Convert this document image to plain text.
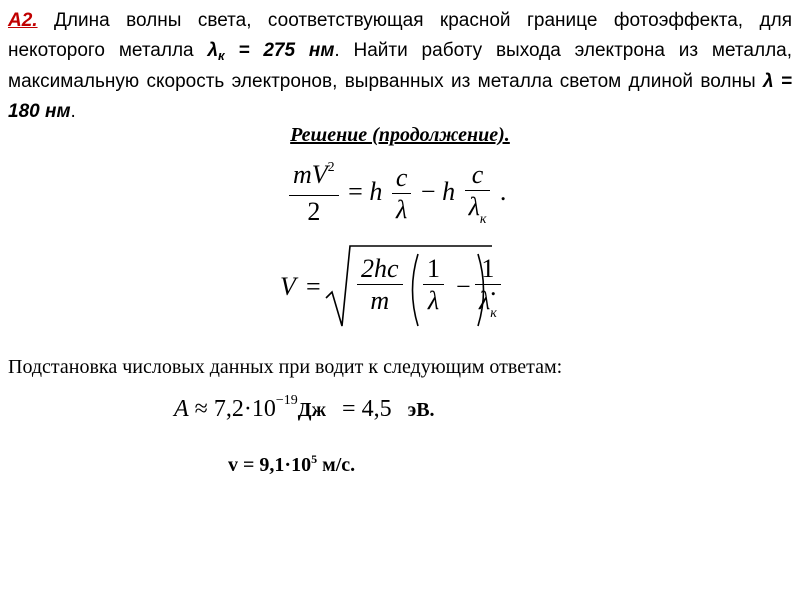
А2. Длина волны света, соответствующая красной границе фотоэффекта, для некоторого металла $\lambda_к = 275$ нм. Найти работу выхода электрона из металла, максимальную скорость электронов, вырванных из металла светом длиной волны λ = 180 нм.
Решение (продолжение).
$\frac{mV^2}{2} = h \frac{c}{\lambda} - h \frac{c}{\lambda_к}$ .
V =
2hc
m
1
λ −
1
$\lambda_к$
.
Подстановка числовых данных при водит к следующим ответам:
$A \approx 7,2\cdot 10^{-19}Дж = 4,5$ эВ.
$v = 9,1\cdot 10^5$ м/с.
